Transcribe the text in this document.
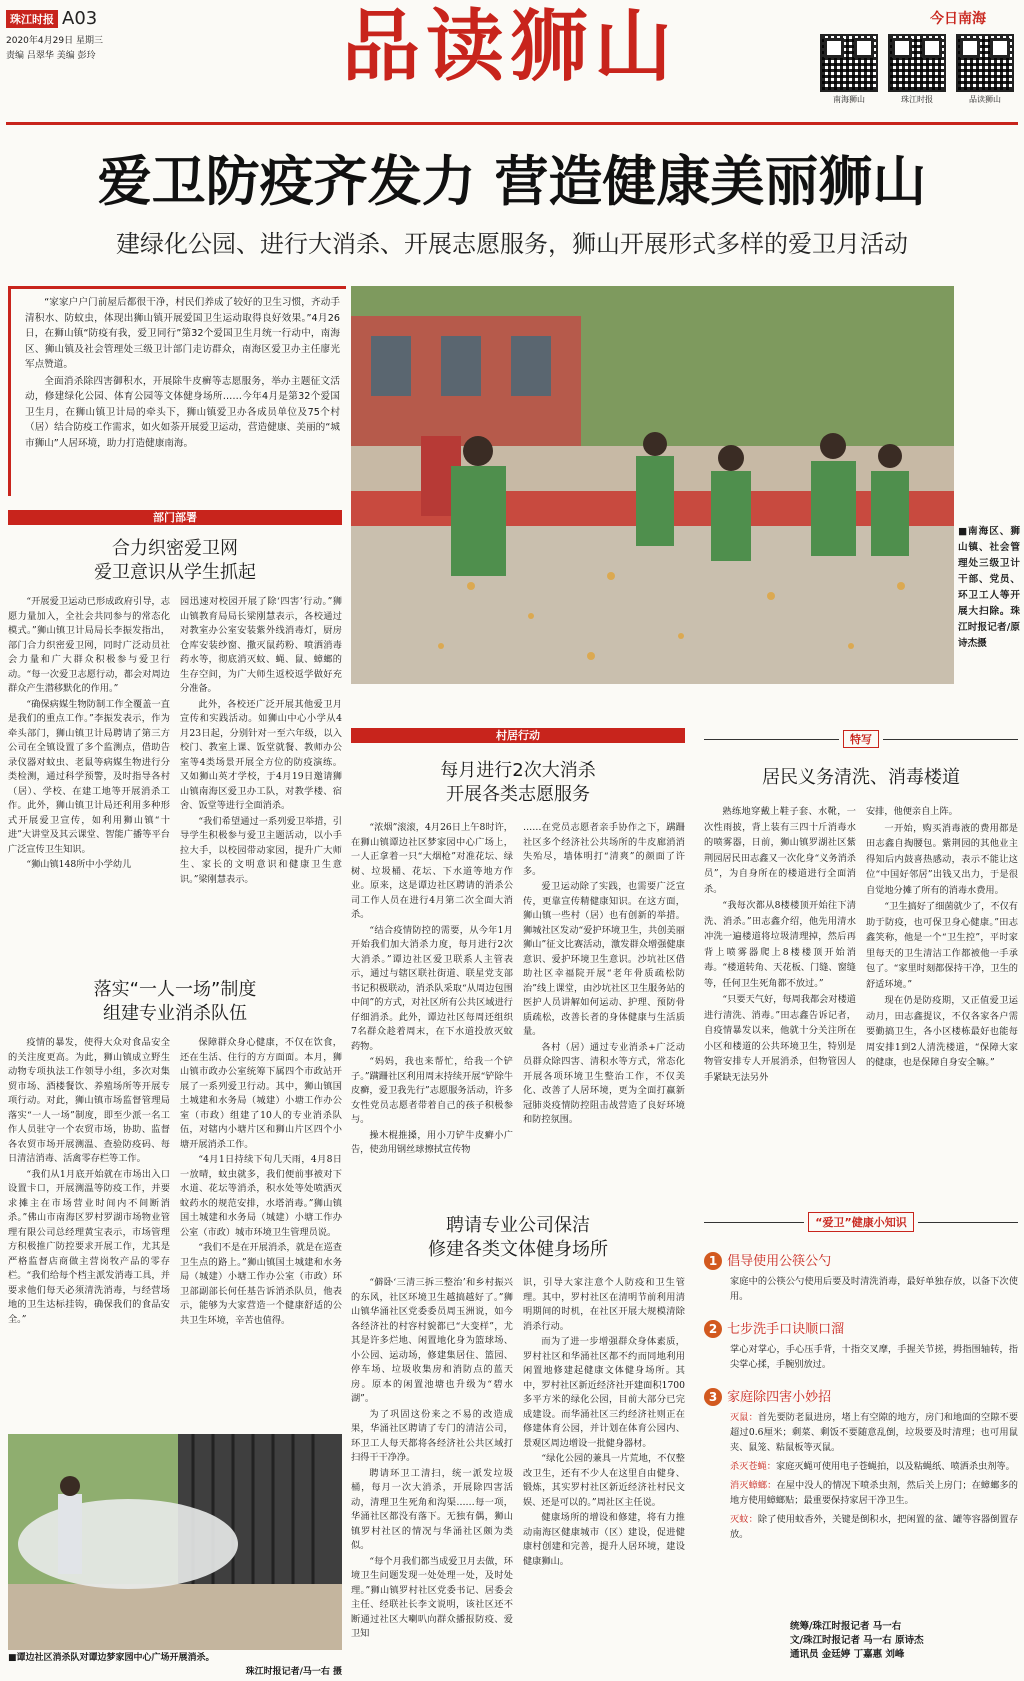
珠江时报 A03
2020年4月29日 星期三
责编 吕翠华 美编 彭玲	品读狮山	今日南海
南海狮山	珠江时报	品读狮山
爱卫防疫齐发力 营造健康美丽狮山
建绿化公园、进行大消杀、开展志愿服务，狮山开展形式多样的爱卫月活动

“家家户户门前屋后都很干净，村民们养成了较好的卫生习惯，齐动手清积水、防蚊虫，体现出狮山镇开展爱国卫生运动取得良好效果。”4月26日，在狮山镇“防疫有我，爱卫同行”第32个爱国卫生月统一行动中，南海区、狮山镇及社会管理处三级卫计部门走访群众，南海区爱卫办主任廖光军点赞道。

全面消杀除四害御积水，开展除牛皮癣等志愿服务，举办主题征文活动，修建绿化公园、体育公园等文体健身场所……今年4月是第32个爱国卫生月，在狮山镇卫计局的牵头下，狮山镇爱卫办各成员单位及75个村（居）结合防疫工作需求，如火如荼开展爱卫运动，营造健康、美丽的“城市狮山”人居环境，助力打造健康南海。

■南海区、狮山镇、社会管理处三级卫计干部、党员、环卫工人等开展大扫除。珠江时报记者/原诗杰摄
部门部署
合力织密爱卫网
爱卫意识从学生抓起

“开展爱卫运动已形成政府引导，志愿力量加入，全社会共同参与的常态化模式。”狮山镇卫计局局长李振发指出，部门合力织密爱卫网，同时广泛动员社会力量和广大群众积极参与爱卫行动。“每一次爱卫志愿行动，都会对周边群众产生潜移默化的作用。”

“确保病媒生物防制工作全覆盖一直是我们的重点工作。”李振发表示，作为牵头部门，狮山镇卫计局聘请了第三方公司在全镇设置了多个监测点，借助告录仪器对蚊虫、老鼠等病媒生物进行分类检测，通过科学预警，及时指导各村（居）、学校、在建工地等开展消杀工作。此外，狮山镇卫计局还利用多种形式开展爱卫宣传，如利用狮山镇“十进”大讲堂及其云课堂、智能广播等平台广泛宣传卫生知识。

“狮山镇148所中小学幼儿

园迅速对校园开展了除‘四害’行动。”狮山镇教育局局长梁刚慧表示，各校通过对教室办公室安装紫外线消毒灯，厨房仓库安装纱窗、撒灭鼠药粉、喷洒消毒药水等，彻底消灭蚊、蝇、鼠、蟑螂的生存空间，为广大师生返校返学做好充分准备。

此外，各校还广泛开展其他爱卫月宣传和实践活动。如狮山中心小学从4月23日起，分别针对一至六年级，以入校门、教室上课、饭堂就餐、教师办公室等4类场景开展全方位的防疫演练。又如狮山英才学校，于4月19日邀请狮山镇南海区爱卫办工队，对教学楼、宿舍、饭堂等进行全面消杀。

“我们希望通过一系列爱卫举措，引导学生积极参与爱卫主题活动，以小手拉大手，以校园带动家园，提升广大师生、家长的文明意识和健康卫生意识。”梁刚慧表示。

落实“一人一场”制度
组建专业消杀队伍

疫情的暴发，使得大众对食品安全的关注度更高。为此，狮山镇成立野生动物专项执法工作领导小组，多次对集贸市场、酒楼餐饮、养殖场所等开展专项行动。对此，狮山镇市场监督管理局落实“一人一场”制度，即至少派一名工作人员驻守一个农贸市场，协助、监督各农贸市场开展测温、查验防疫码、每日清洁消毒、活禽零存栏等工作。

“我们从1月底开始就在市场出入口设置卡口，开展测温等防疫工作，并要求摊主在市场营业时间内不间断消杀。”佛山市南海区罗村罗湖市场物业管理有限公司总经理黄宝表示，市场管理方积极推广防控要求开展工作，尤其是严格监督店商做主营岗牧产品的零存栏。“我们给每个档主派发消毒工具，并要求他们每天必须清洗消毒，与经营场地的卫生达标挂钩，确保我们的食品安全。”

保障群众身心健康，不仅在饮食，还在生活、住行的方方面面。本月，狮山镇市政办公室统筹下属四个市政站开展了一系列爱卫行动。其中，狮山镇国土城建和水务局（城建）小塘工作办公室（市政）组建了10人的专业消杀队伍，对辖内小塘片区和狮山片区四个小塘开展消杀工作。

“4月1日持续下旬几天雨，4月8日一放晴，蚊虫就多，我们便前事被对下水道、花坛等消杀，积水处等处喷洒灭蚊药水的规范安排，水塔消毒。”狮山镇国土城建和水务局（城建）小塘工作办公室（市政）城市环境卫生管理员说。

“我们不是在开展消杀，就是在巡查卫生点的路上。”狮山镇国土城建和水务局（城建）小塘工作办公室（市政）环卫部副部长何任基告诉消杀队员，他表示，能够为大家营造一个健康舒适的公共卫生环境，辛苦也值得。

■谭边社区消杀队对谭边梦家园中心广场开展消杀。
珠江时报记者/马一右 摄
村居行动
每月进行2次大消杀
开展各类志愿服务

“浓烟”滚滚，4月26日上午8时许，在狮山镇谭边社区梦家园中心广场上，一人正拿着一只“大烟枪”对准花坛、绿树、垃圾桶、花坛、下水道等地方作业。原来，这是谭边社区聘请的消杀公司工作人员在进行4月第二次全面大消杀。

“结合疫情防控的需要，从今年1月开始我们加大消杀力度，每月进行2次大消杀。”谭边社区爱卫联系人主管表示，通过与辖区联社街道、联星党支部书记积极联动，消杀队采取“从周边包围中间”的方式，对社区所有公共区域进行仔细消杀。此外，谭边社区每周还组织7名群众趁着周末，在下水道投放灭蚊药物。

“妈妈，我也来帮忙，给我一个铲子。”蹒跚社区利用周末持续开展“铲除牛皮癣，爱卫我先行”志愿服务活动，许多女性党员志愿者带着自己的孩子积极参与。

操木棍推搡，用小刀铲牛皮癣小广告，使劲用钢丝球擦拭宣传物

……在党员志愿者亲手协作之下，蹒跚社区多个经济社公共场所的牛皮廊消消失殆尽，墙体明打“清爽”的颜面了许多。

爱卫运动除了实践，也需要广泛宣传，更靠宣传精健康知识。在这方面，狮山镇一些村（居）也有创新的举措。狮城社区发动“爱护环境卫生，共创美丽狮山”征文比赛活动，激发群众增强健康意识、爱护环境卫生意识。沙坑社区借助社区幸福院开展“老年骨质疏松防治”线上课堂，由沙坑社区卫生服务站的医护人员讲解如何运动、护理、预防骨质疏松，改善长者的身体健康与生活质量。

各村（居）通过专业消杀+广泛动员群众除四害、清积水等方式，常态化开展各项环境卫生整治工作，不仅美化、改善了人居环境，更为全面打赢新冠肺炎疫情防控阻击战营造了良好环境和防控氛围。

聘请专业公司保洁
修建各类文体健身场所

“僻卧‘三清三拆三整治’和乡村振兴的东风，社区环境卫生越搞越好了。”狮山镇华涌社区党委委员周玉洲说，如今各经济社的村容村貌都已“大变样”，尤其是许多烂地、闲置地化身为篮球场、小公园、运动场，修建集居住、篮园、停车场、垃圾收集房和消防点的蓝天房。原本的闲置池塘也升级为“碧水湖”。

为了巩固这份来之不易的改造成果，华涌社区聘请了专门的清洁公司，环卫工人每天都将各经济社公共区域打扫得干干净净。

聘请环卫工清扫，统一派发垃圾桶，每月一次大消杀，开展除四害活动，清理卫生死角和沟渠……每一项，华涌社区都没有落下。无独有偶，狮山镇罗村社区的情况与华涌社区颇为类似。

“每个月我们都当成爱卫月去做，环境卫生问题发现一处处理一处，及时处理。”狮山镇罗村社区党委书记、居委会主任、经联社长李文说明，该社区还不断通过社区大喇叭向群众播报防疫、爱卫知

识，引导大家注意个人防疫和卫生管理。其中，罗村社区在清明节前利用清明期间的时机，在社区开展大规模清除消杀行动。

而为了进一步增强群众身体素质，罗村社区和华涌社区都不约而同地利用闲置地修建起健康文体健身场所。其中，罗村社区新近经济社开建面积1700多平方米的绿化公园，目前大部分已完成建设。而华涌社区三约经济社则正在修建体育公园，并计划在体育公园内、景观区周边增设一批健身器材。

“绿化公园的兼具一片荒地，不仅整改卫生，还有不少人在这里自由健身、锻炼，其实罗村社区新近经济社村民文娱、还是可以的。”周社区主任说。

健康场所的增设和修建，将有力推动南海区健康城市（区）建设，促进健康村创建和完善，提升人居环境，建设健康狮山。

特写
居民义务清洗、消毒楼道

熟练地穿戴上鞋子套、水靴，一次性雨披，背上装有三四十斤消毒水的喷雾器，日前，狮山镇罗湖社区紫荆园居民田志鑫又一次化身“义务消杀员”，为自身所在的楼道进行全面消杀。

“我每次都从8楼楼顶开始往下清洗、消杀。”田志鑫介绍，他先用清水冲洗一遍楼道将垃圾清理掉，然后再背上喷雾器爬上8楼楼顶开始消毒。“楼道转角、天花板、门缝、窗缝等，任何卫生死角都不放过。”

“只要天气好，每周我都会对楼道进行清洗、消毒。”田志鑫告诉记者，自疫情暴发以来，他就十分关注所在小区和楼道的公共环境卫生，特别是物管安排专人开展消杀，但物管因人手紧缺无法另外

安排，他便亲自上阵。

一开始，购买消毒液的费用都是田志鑫自掏腰包。紫荆园的其他业主得知后内鼓喜热感动，表示不能让这位“中国好邻居”出钱又出力，于是很自觉地分摊了所有的消毒水费用。

“卫生搞好了细菌就少了，不仅有助于防疫，也可保卫身心健康。”田志鑫笑称，他是一个“卫生控”，平时家里每天的卫生清洁工作都被他一手承包了。“家里时刻都保持干净，卫生的舒适环境。”

现在仍是防疫期，又正值爱卫运动月，田志鑫提议，不仅各家各户需要勤搞卫生，各小区楼栋最好也能每周安排1到2人清洗楼道，“保障大家的健康，也是保障自身安全嘛。”

“爱卫”健康小知识
1 倡导使用公筷公勺
家庭中的公筷公勺使用后要及时清洗消毒，最好单独存放，以备下次使用。
2 七步洗手口诀顺口溜
掌心对掌心，手心压手背，十指交叉摩，手握关节搓，拇指围轴转，指尖掌心揉，手腕别放过。
3 家庭除四害小妙招
灭鼠：首先要防老鼠进房，堵上有空隙的地方，房门和地面的空隙不要超过0.6厘米；剩菜、剩饭不要随意乱倒，垃圾要及时清理；也可用鼠夹、鼠笼、粘鼠板等灭鼠。
杀灭苍蝇：家庭灭蝇可使用电子苍蝇拍，以及粘蝇纸、喷洒杀虫剂等。
消灭蟑螂：在屋中没人的情况下喷杀虫剂，然后关上房门；在蟑螂多的地方使用蟑螂贴；最重要保持家居干净卫生。
灭蚊：除了使用蚊香外，关键是倒积水，把闲置的盆、罐等容器倒置存放。
统筹/珠江时报记者 马一右
文/珠江时报记者 马一右 原诗杰
通讯员 金廷婷 丁嘉惠 刘峰
